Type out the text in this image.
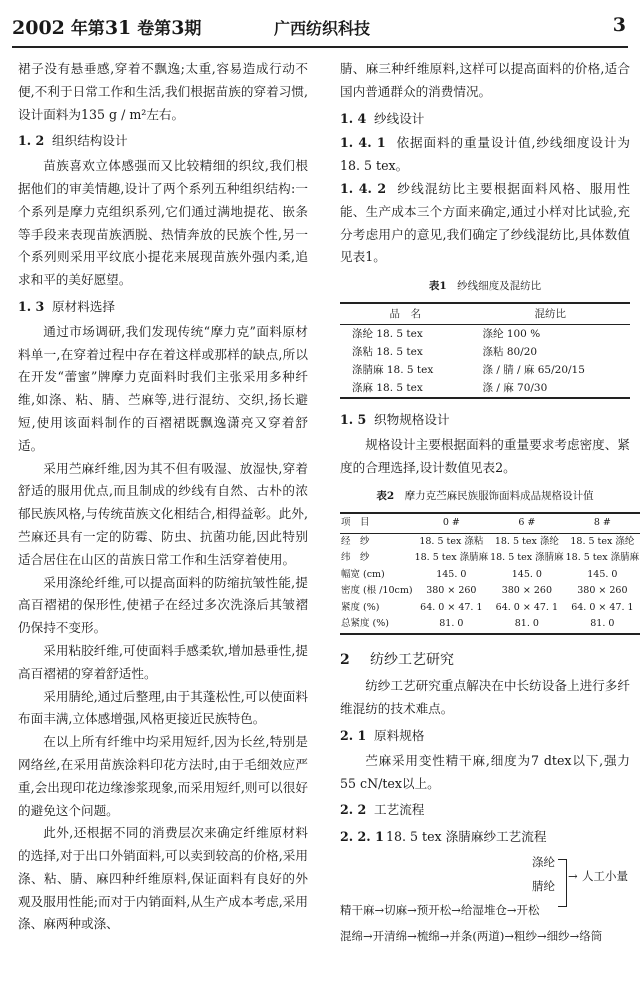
2002 年第31 卷第3期	广西纺织科技	3

裙子没有悬垂感,穿着不飘逸;太重,容易造成行动不便,不利于日常工作和生活,我们根据苗族的穿着习惯,设计面料为135 g / m²左右。

1. 2 组织结构设计

苗族喜欢立体感强而又比较精细的织纹,我们根据他们的审美情趣,设计了两个系列五种组织结构:一个系列是摩力克组织系列,它们通过满地提花、嵌条等手段来表现苗族洒脱、热情奔放的民族个性,另一个系列则采用平纹底小提花来展现苗族外强内柔,追求和平的美好愿望。

1. 3 原材料选择

通过市场调研,我们发现传统“摩力克”面料原材料单一,在穿着过程中存在着这样或那样的缺点,所以在开发“蕾蜜”牌摩力克面料时我们主张采用多种纤维,如涤、粘、腈、苎麻等,进行混纺、交织,扬长避短,使用该面料制作的百褶裙既飘逸潇亮又穿着舒适。

采用苎麻纤维,因为其不但有吸湿、放湿快,穿着舒适的服用优点,而且制成的纱线有自然、古朴的浓郁民族风格,与传统苗族文化相结合,相得益彰。此外,苎麻还具有一定的防霉、防虫、抗菌功能,因此特别适合居住在山区的苗族日常工作和生活穿着使用。

采用涤纶纤维,可以提高面料的防缩抗皱性能,提高百褶裙的保形性,使裙子在经过多次洗涤后其皱褶仍保持不变形。

采用粘胶纤维,可使面料手感柔软,增加悬垂性,提高百褶裙的穿着舒适性。

采用腈纶,通过后整理,由于其蓬松性,可以使面料布面丰满,立体感增强,风格更接近民族特色。

在以上所有纤维中均采用短纤,因为长丝,特别是网络丝,在采用苗族涂料印花方法时,由于毛细效应严重,会出现印花边缘渗浆现象,而采用短纤,则可以很好的避免这个问题。

此外,还根据不同的消费层次来确定纤维原材料的选择,对于出口外销面料,可以卖到较高的价格,采用涤、粘、腈、麻四种纤维原料,保证面料有良好的外观及服用性能;而对于内销面料,从生产成本考虑,采用涤、麻两种或涤、

腈、麻三种纤维原料,这样可以提高面料的价格,适合国内普通群众的消费情况。

1. 4 纱线设计

1. 4. 1 依据面料的重量设计值,纱线细度设计为18. 5 tex。

1. 4. 2 纱线混纺比主要根据面料风格、服用性能、生产成本三个方面来确定,通过小样对比试验,充分考虑用户的意见,我们确定了纱线混纺比,具体数值见表1。

表1　 纱线细度及混纺比
品　名	混纺比
涤纶 18. 5 tex	涤纶 100 %
涤粘 18. 5 tex	涤粘 80/20
涤腈麻 18. 5 tex	涤 / 腈 / 麻 65/20/15
涤麻 18. 5 tex	涤 / 麻 70/30
1. 5 织物规格设计

规格设计主要根据面料的重量要求考虑密度、紧度的合理选择,设计数值见表2。

表2　 摩力克苎麻民族服饰面料成品规格设计值
项　目	0 #	6 #	8 #
经　纱	18. 5 tex 涤粘	18. 5 tex 涤纶	18. 5 tex 涤纶
纬　纱	18. 5 tex 涤腈麻	18. 5 tex 涤腈麻	18. 5 tex 涤腈麻
幅宽 (cm)	145. 0	145. 0	145. 0
密度 (根 /10cm)	380 × 260	380 × 260	380 × 260
紧度 (%)	64. 0 × 47. 1	64. 0 × 47. 1	64. 0 × 47. 1
总紧度 (%)	81. 0	81. 0	81. 0
2 纺纱工艺研究

纺纱工艺研究重点解决在中长纺设备上进行多纤维混纺的技术难点。

2. 1 原料规格

苎麻采用变性精干麻,细度为7 dtex以下,强力55 cN/tex以上。

2. 2 工艺流程
2. 2. 1 18. 5 tex 涤腈麻纱工艺流程
涤纶
腈纶
→ 人工小量
精干麻→切麻→预开松→给湿堆仓→开松
混绵→开清绵→梳绵→并条(两道)→粗纱→细纱→络筒
